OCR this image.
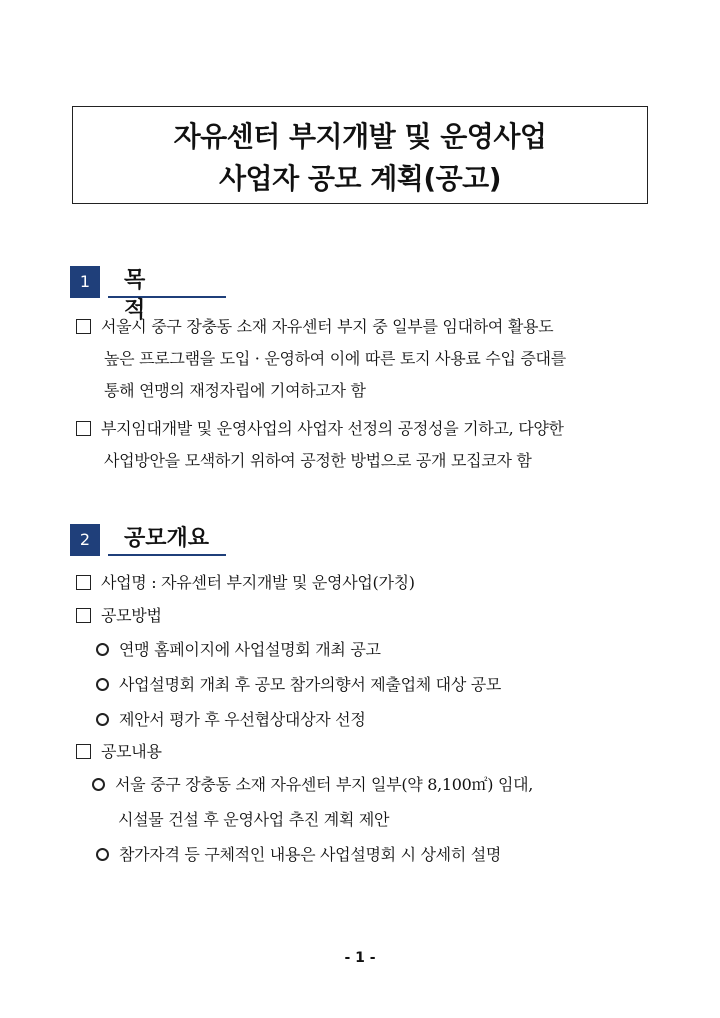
자유센터 부지개발 및 운영사업
사업자 공모 계획(공고)
1	목적
서울시 중구 장충동 소재 자유센터 부지 중 일부를 임대하여 활용도
높은 프로그램을 도입 · 운영하여 이에 따른 토지 사용료 수입 증대를
통해 연맹의 재정자립에 기여하고자 함
부지임대개발 및 운영사업의 사업자 선정의 공정성을 기하고, 다양한
사업방안을 모색하기 위하여 공정한 방법으로 공개 모집코자 함
2	공모개요
사업명 : 자유센터 부지개발 및 운영사업(가칭)
공모방법
연맹 홈페이지에 사업설명회 개최 공고
사업설명회 개최 후 공모 참가의향서 제출업체 대상 공모
제안서 평가 후 우선협상대상자 선정
공모내용
서울 중구 장충동 소재 자유센터 부지 일부(약 8,100㎡) 임대,
시설물 건설 후 운영사업 추진 계획 제안
참가자격 등 구체적인 내용은 사업설명회 시 상세히 설명
- 1 -
